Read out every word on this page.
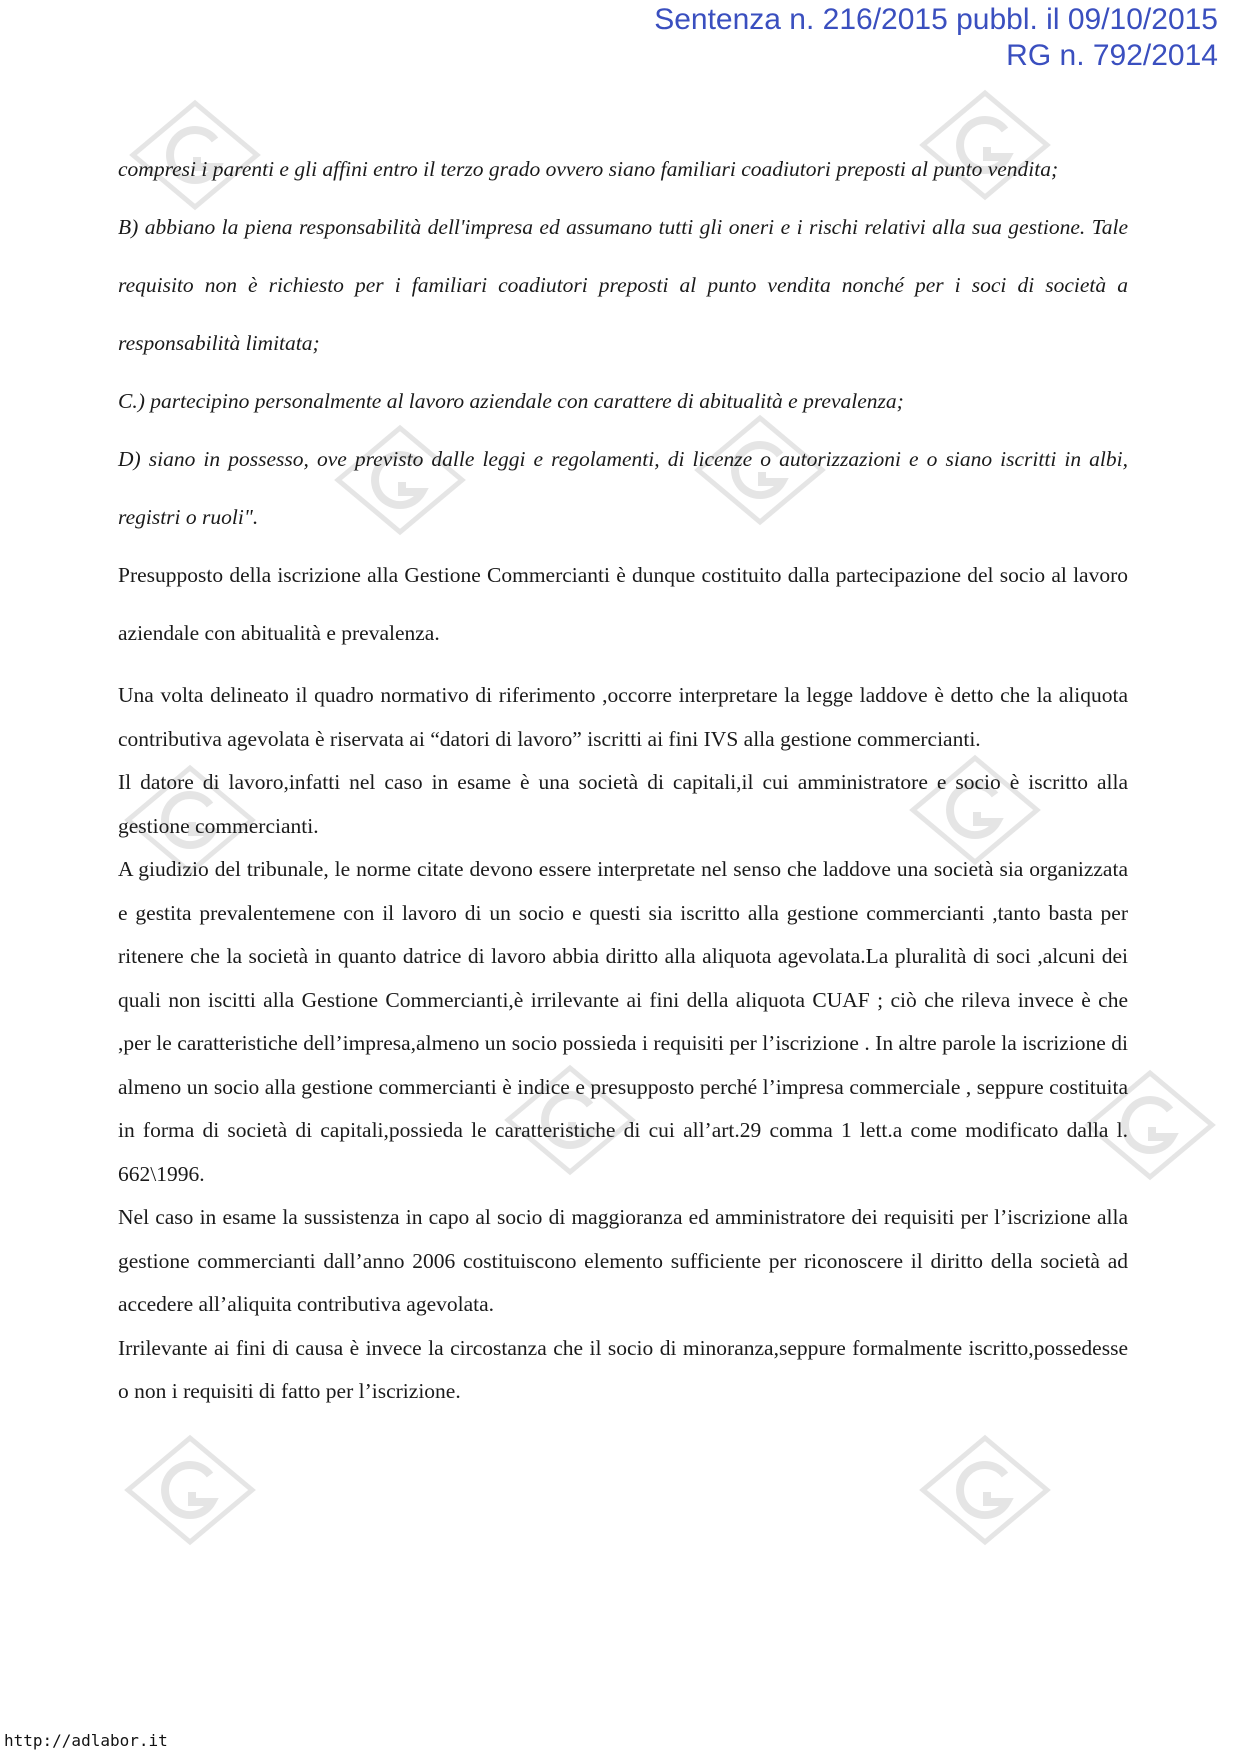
Sentenza n. 216/2015 pubbl. il 09/10/2015
RG n. 792/2014

compresi i parenti e gli affini entro il terzo grado ovvero siano familiari coadiutori preposti al punto vendita;

B) abbiano la piena responsabilità dell'impresa ed assumano tutti gli oneri e i rischi relativi alla sua gestione. Tale requisito non è richiesto per i familiari coadiutori preposti al punto vendita nonché per i soci di società a responsabilità limitata;

C.) partecipino personalmente al lavoro aziendale con carattere di abitualità e prevalenza;

D) siano in possesso, ove previsto dalle leggi e regolamenti, di licenze o autorizzazioni e o siano iscritti in albi, registri o ruoli".

Presupposto della iscrizione alla Gestione Commercianti è dunque costituito dalla partecipazione del socio al lavoro aziendale con abitualità e prevalenza.

Una volta delineato il quadro normativo di riferimento ,occorre interpretare la legge laddove è detto che la aliquota contributiva agevolata è riservata ai “datori di lavoro” iscritti ai fini IVS alla gestione commercianti.

Il datore di lavoro,infatti nel caso in esame è una società di capitali,il cui amministratore e socio è iscritto alla gestione commercianti.

A giudizio del tribunale, le norme citate devono essere interpretate nel senso che laddove una società sia organizzata e gestita prevalentemene con il lavoro di un socio e questi sia iscritto alla gestione commercianti ,tanto basta per ritenere che la società in quanto datrice di lavoro abbia diritto alla aliquota agevolata.La pluralità di soci ,alcuni dei quali non iscitti alla Gestione Commercianti,è irrilevante ai fini della aliquota CUAF ; ciò che rileva invece è che ,per le caratteristiche dell’impresa,almeno un socio possieda i requisiti per l’iscrizione . In altre parole la iscrizione di almeno un socio alla gestione commercianti è indice e presupposto perché l’impresa commerciale , seppure costituita in forma di società di capitali,possieda le caratteristiche di cui all’art.29 comma 1 lett.a come modificato dalla l. 662\1996.

Nel caso in esame la sussistenza in capo al socio di maggioranza ed amministratore dei requisiti per l’iscrizione alla gestione commercianti dall’anno 2006 costituiscono elemento sufficiente per riconoscere il diritto della società ad accedere all’aliquita contributiva agevolata.

Irrilevante ai fini di causa è invece la circostanza che il socio di minoranza,seppure formalmente iscritto,possedesse o non i requisiti di fatto per l’iscrizione.

http://adlabor.it
